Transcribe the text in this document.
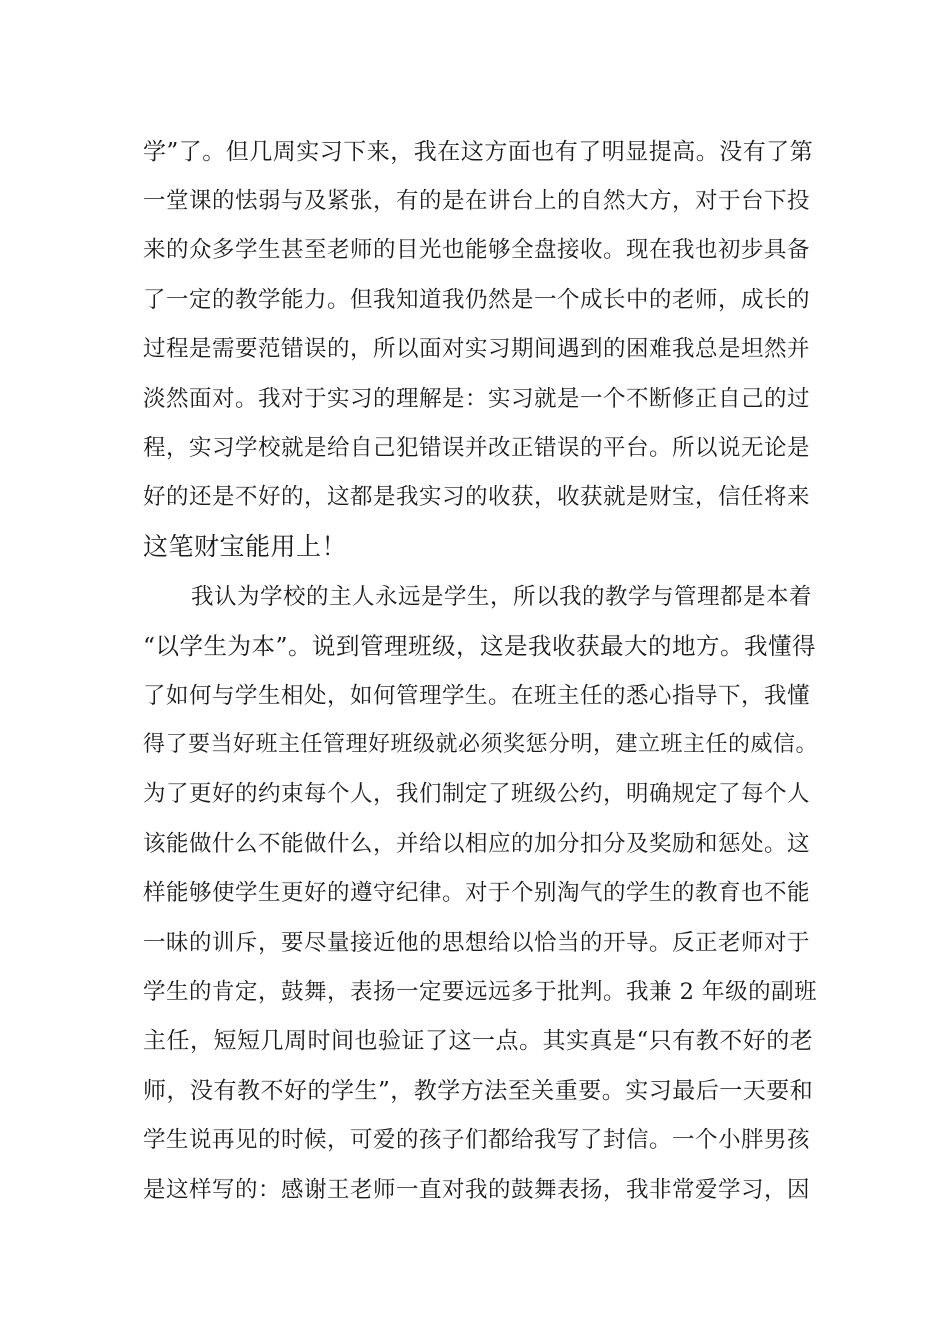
学”了。但几周实习下来，我在这方面也有了明显提高。没有了第
一堂课的怯弱与及紧张，有的是在讲台上的自然大方，对于台下投
来的众多学生甚至老师的目光也能够全盘接收。现在我也初步具备
了一定的教学能力。但我知道我仍然是一个成长中的老师，成长的
过程是需要范错误的，所以面对实习期间遇到的困难我总是坦然并
淡然面对。我对于实习的理解是：实习就是一个不断修正自己的过
程，实习学校就是给自己犯错误并改正错误的平台。所以说无论是
好的还是不好的，这都是我实习的收获，收获就是财宝，信任将来
这笔财宝能用上！
我认为学校的主人永远是学生，所以我的教学与管理都是本着
“以学生为本”。说到管理班级，这是我收获最大的地方。我懂得
了如何与学生相处，如何管理学生。在班主任的悉心指导下，我懂
得了要当好班主任管理好班级就必须奖惩分明，建立班主任的威信。
为了更好的约束每个人，我们制定了班级公约，明确规定了每个人
该能做什么不能做什么，并给以相应的加分扣分及奖励和惩处。这
样能够使学生更好的遵守纪律。对于个别淘气的学生的教育也不能
一昧的训斥，要尽量接近他的思想给以恰当的开导。反正老师对于
学生的肯定，鼓舞，表扬一定要远远多于批判。我兼 2 年级的副班
主任，短短几周时间也验证了这一点。其实真是“只有教不好的老
师，没有教不好的学生”，教学方法至关重要。实习最后一天要和
学生说再见的时候，可爱的孩子们都给我写了封信。一个小胖男孩
是这样写的：感谢王老师一直对我的鼓舞表扬，我非常爱学习，因
